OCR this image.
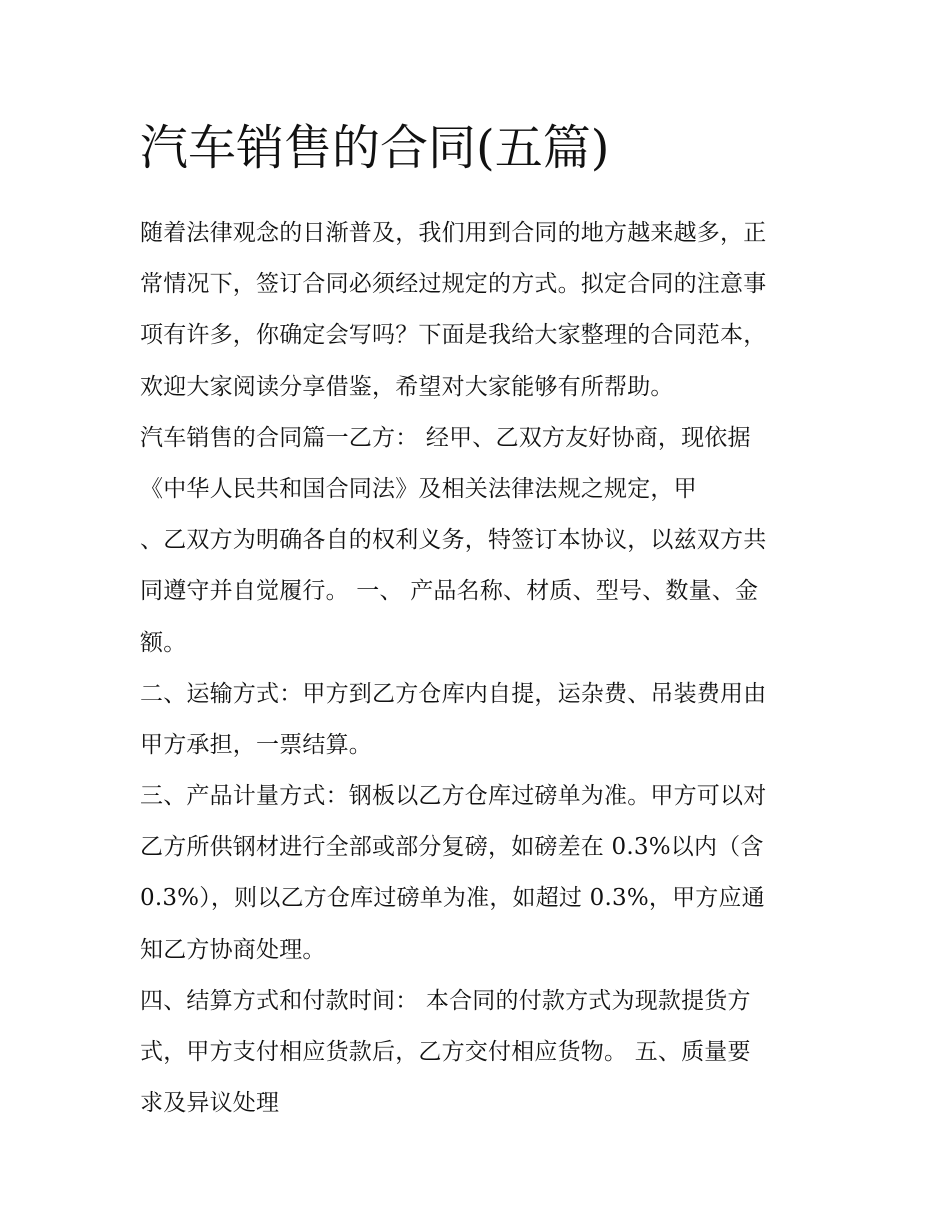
汽车销售的合同(五篇)
随着法律观念的日渐普及，我们用到合同的地方越来越多，正
常情况下，签订合同必须经过规定的方式。拟定合同的注意事
项有许多，你确定会写吗？下面是我给大家整理的合同范本，
欢迎大家阅读分享借鉴，希望对大家能够有所帮助。
汽车销售的合同篇一乙方： 经甲、乙双方友好协商，现依据
《中华人民共和国合同法》及相关法律法规之规定，甲
、乙双方为明确各自的权利义务，特签订本协议，以兹双方共
同遵守并自觉履行。 一、 产品名称、材质、型号、数量、金
额。
二、运输方式：甲方到乙方仓库内自提，运杂费、吊装费用由
甲方承担，一票结算。
三、产品计量方式：钢板以乙方仓库过磅单为准。甲方可以对
乙方所供钢材进行全部或部分复磅，如磅差在 0.3%以内（含
0.3%），则以乙方仓库过磅单为准，如超过 0.3%，甲方应通
知乙方协商处理。
四、结算方式和付款时间： 本合同的付款方式为现款提货方
式，甲方支付相应货款后，乙方交付相应货物。 五、质量要
求及异议处理
